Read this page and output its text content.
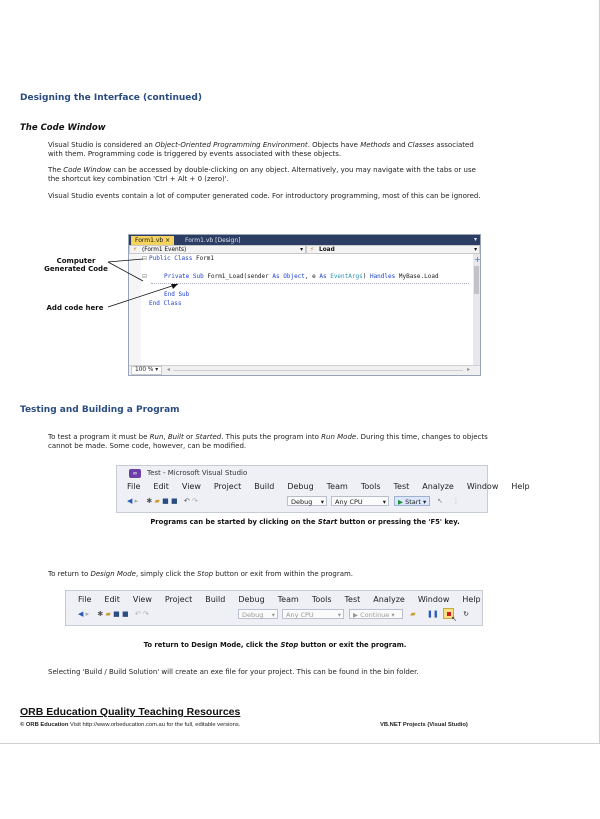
Designing the Interface (continued)
The Code Window
Visual Studio is considered an Object-Oriented Programming Environment. Objects have Methods and Classes associated with them. Programming code is triggered by events associated with these objects.
The Code Window can be accessed by double-clicking on any object. Alternatively, you may navigate with the tabs or use the shortcut key combination 'Ctrl + Alt + 0 (zero)'.
Visual Studio events contain a lot of computer generated code. For introductory programming, most of this can be ignored.
Form1.vb ×	Form1.vb [Design]	▾
⚡ (Form1 Events)	▾ ⚡ Load	▾
⊟
⊟
Public Class Form1
Private Sub Form1_Load(sender As Object, e As EventArgs) Handles MyBase.Load
End Sub
End Class
+
100 % ▾	◂	▸
Computer Generated Code
Add code here
Testing and Building a Program
To test a program it must be Run, Built or Started. This puts the program into Run Mode. During this time, changes to objects cannot be made. Some code, however, can be modified.
∞	Test - Microsoft Visual Studio
File Edit View Project Build Debug Team Tools Test Analyze Window Help
◀ ▸ ✱ ▰ ■ ■ ↶ ↷	Debug ▾	Any CPU	▾	▶ Start ▾	↖ ⋮
Programs can be started by clicking on the Start button or pressing the 'F5' key.
To return to Design Mode, simply click the Stop button or exit from within the program.
File Edit View Project Build Debug Team Tools Test Analyze Window Help
◀ ▸ ✱ ▰ ■ ■ ↶ ↷	Debug ▾	Any CPU	▾	▶ Continue ▾	▰	❚❚
↖
↻
To return to Design Mode, click the Stop button or exit the program.
Selecting 'Build / Build Solution' will create an exe file for your project. This can be found in the bin folder.
ORB Education Quality Teaching Resources
© ORB Education Visit http://www.orbeducation.com.au for the full, editable versions.	VB.NET Projects (Visual Studio)
